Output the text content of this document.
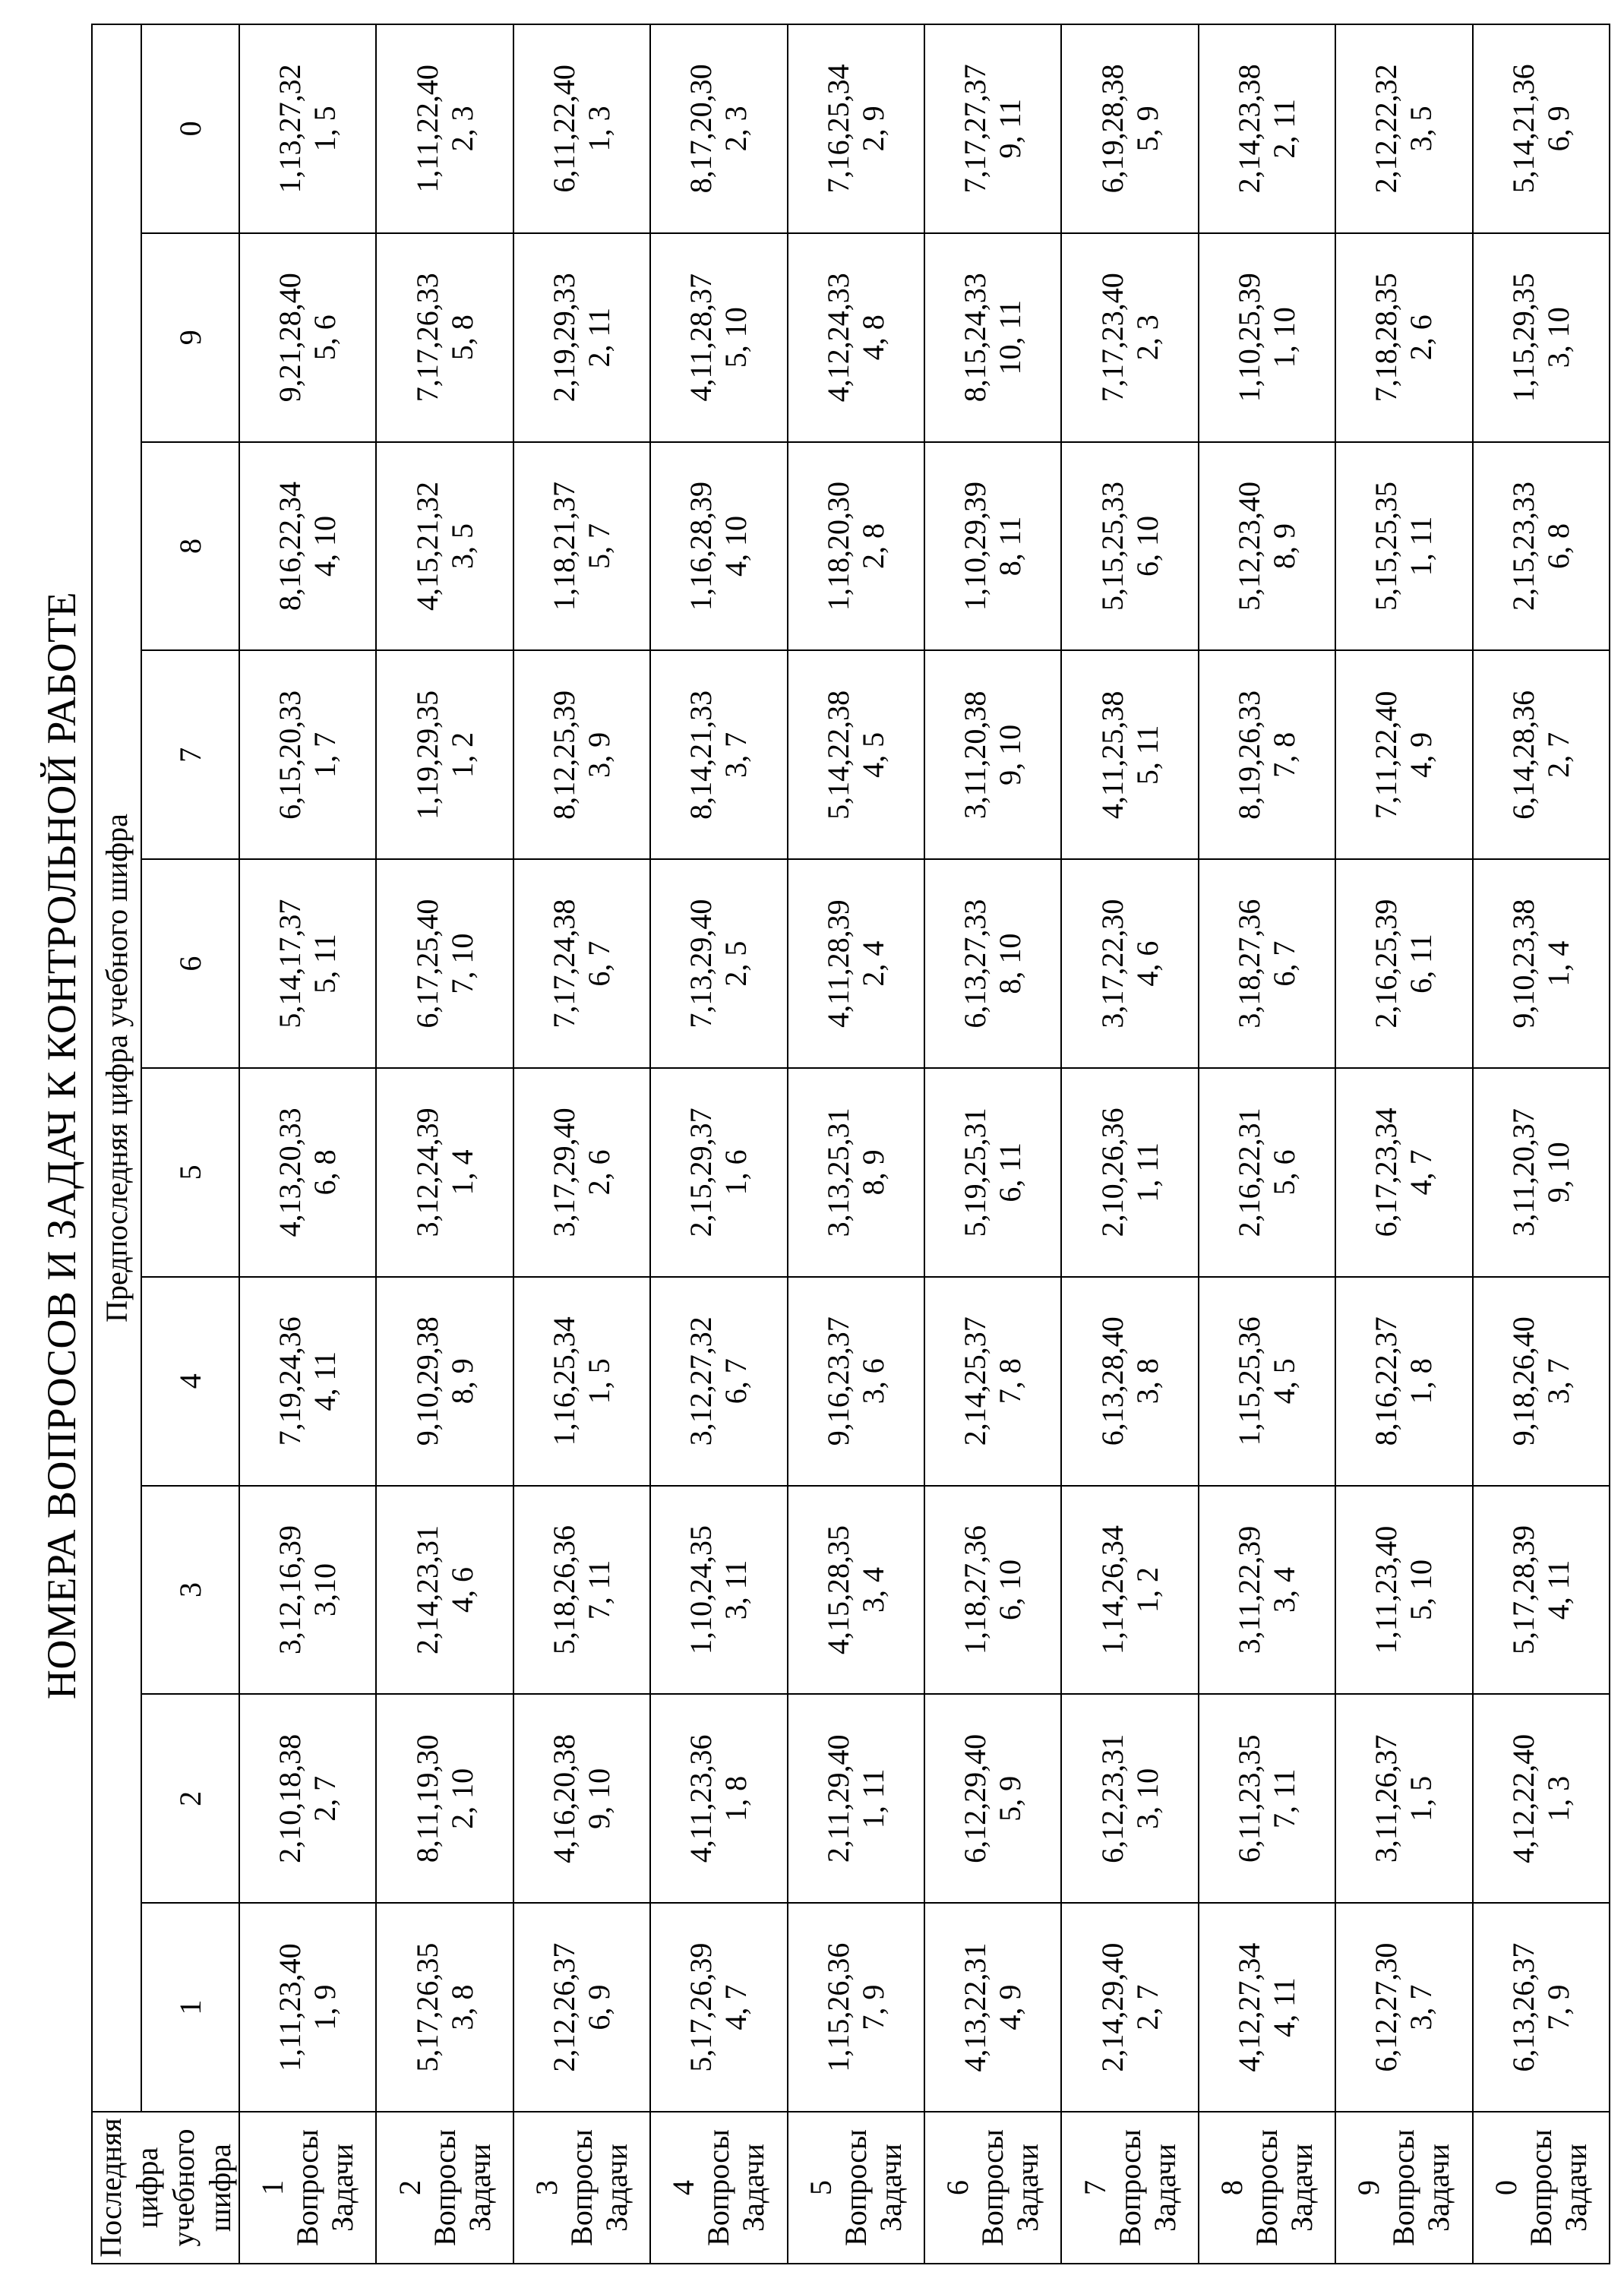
НОМЕРА ВОПРОСОВ И ЗАДАЧ К КОНТРОЛЬНОЙ РАБОТЕ
Последняя цифра учебного шифра	Предпоследняя цифра учебного шифра									
	1	2	3	4	5	6	7	8	9	0

1 Вопросы Задачи	1,11,23,40 1, 9	2,10,18,38 2, 7	3,12,16,39 3,10	7,19,24,36 4, 11	4,13,20,33 6, 8	5,14,17,37 5, 11	6,15,20,33 1, 7	8,16,22,34 4, 10	9,21,28,40 5, 6	1,13,27,32 1, 5

2 Вопросы Задачи	5,17,26,35 3, 8	8,11,19,30 2, 10	2,14,23,31 4, 6	9,10,29,38 8, 9	3,12,24,39 1, 4	6,17,25,40 7, 10	1,19,29,35 1, 2	4,15,21,32 3, 5	7,17,26,33 5, 8	1,11,22,40 2, 3

3 Вопросы Задачи	2,12,26,37 6, 9	4,16,20,38 9, 10	5,18,26,36 7, 11	1,16,25,34 1, 5	3,17,29,40 2, 6	7,17,24,38 6, 7	8,12,25,39 3, 9	1,18,21,37 5, 7	2,19,29,33 2, 11	6,11,22,40 1, 3

4 Вопросы Задачи	5,17,26,39 4, 7	4,11,23,36 1, 8	1,10,24,35 3, 11	3,12,27,32 6, 7	2,15,29,37 1, 6	7,13,29,40 2, 5	8,14,21,33 3, 7	1,16,28,39 4, 10	4,11,28,37 5, 10	8,17,20,30 2, 3

5 Вопросы Задачи	1,15,26,36 7, 9	2,11,29,40 1, 11	4,15,28,35 3, 4	9,16,23,37 3, 6	3,13,25,31 8, 9	4,11,28,39 2, 4	5,14,22,38 4, 5	1,18,20,30 2, 8	4,12,24,33 4, 8	7,16,25,34 2, 9

6 Вопросы Задачи	4,13,22,31 4, 9	6,12,29,40 5, 9	1,18,27,36 6, 10	2,14,25,37 7, 8	5,19,25,31 6, 11	6,13,27,33 8, 10	3,11,20,38 9, 10	1,10,29,39 8, 11	8,15,24,33 10, 11	7,17,27,37 9, 11

7 Вопросы Задачи	2,14,29,40 2, 7	6,12,23,31 3, 10	1,14,26,34 1, 2	6,13,28,40 3, 8	2,10,26,36 1, 11	3,17,22,30 4, 6	4,11,25,38 5, 11	5,15,25,33 6, 10	7,17,23,40 2, 3	6,19,28,38 5, 9

8 Вопросы Задачи	4,12,27,34 4, 11	6,11,23,35 7, 11	3,11,22,39 3, 4	1,15,25,36 4, 5	2,16,22,31 5, 6	3,18,27,36 6, 7	8,19,26,33 7, 8	5,12,23,40 8, 9	1,10,25,39 1, 10	2,14,23,38 2, 11

9 Вопросы Задачи	6,12,27,30 3, 7	3,11,26,37 1, 5	1,11,23,40 5, 10	8,16,22,37 1, 8	6,17,23,34 4, 7	2,16,25,39 6, 11	7,11,22,40 4, 9	5,15,25,35 1, 11	7,18,28,35 2, 6	2,12,22,32 3, 5

0 Вопросы Задачи	6,13,26,37 7, 9	4,12,22,40 1, 3	5,17,28,39 4, 11	9,18,26,40 3, 7	3,11,20,37 9, 10	9,10,23,38 1, 4	6,14,28,36 2, 7	2,15,23,33 6, 8	1,15,29,35 3, 10	5,14,21,36 6, 9
